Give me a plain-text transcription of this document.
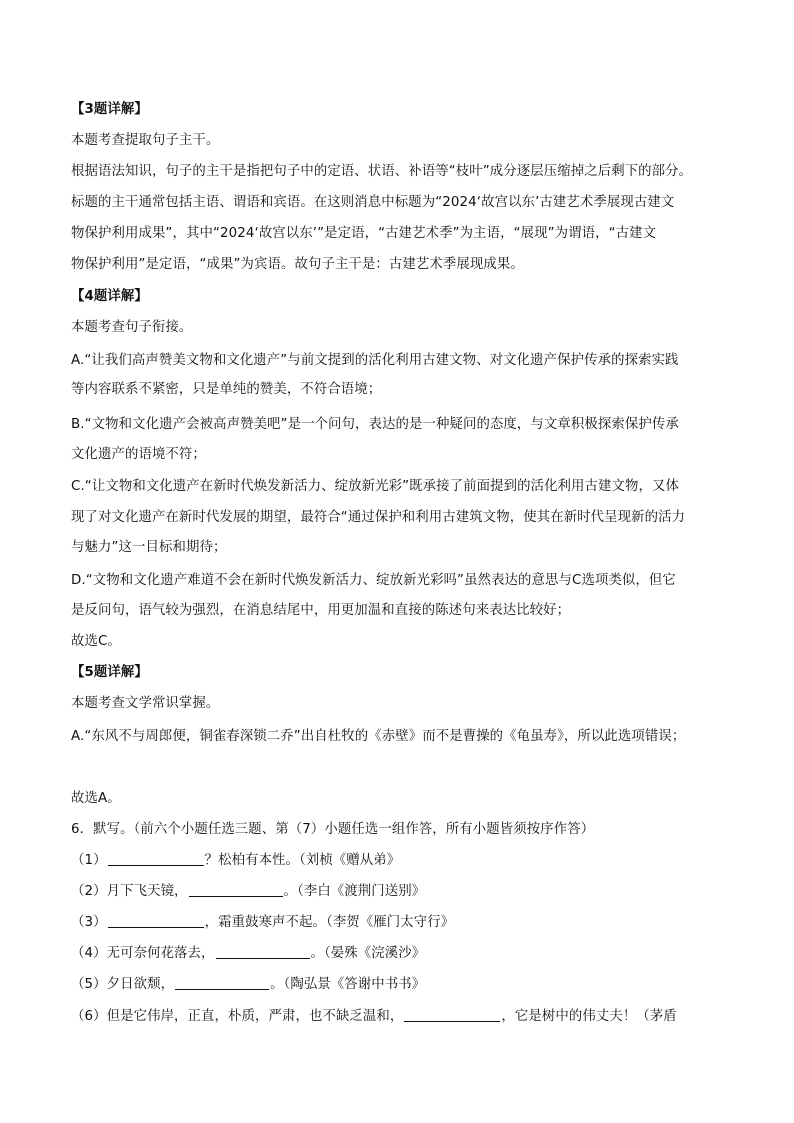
【3题详解】
本题考查提取句子主干。
根据语法知识，句子的主干是指把句子中的定语、状语、补语等“枝叶”成分逐层压缩掉之后剩下的部分。
标题的主干通常包括主语、谓语和宾语。在这则消息中标题为“2024‘故宫以东’古建艺术季展现古建文
物保护利用成果”，其中“2024‘故宫以东’”是定语，“古建艺术季”为主语，“展现”为谓语，“古建文
物保护利用”是定语，“成果”为宾语。故句子主干是：古建艺术季展现成果。
【4题详解】
本题考查句子衔接。
A.“让我们高声赞美文物和文化遗产”与前文提到的活化利用古建文物、对文化遗产保护传承的探索实践
等内容联系不紧密，只是单纯的赞美，不符合语境；
B.“文物和文化遗产会被高声赞美吧”是一个问句，表达的是一种疑问的态度，与文章积极探索保护传承
文化遗产的语境不符；
C.“让文物和文化遗产在新时代焕发新活力、绽放新光彩”既承接了前面提到的活化利用古建文物，又体
现了对文化遗产在新时代发展的期望，最符合“通过保护和利用古建筑文物，使其在新时代呈现新的活力
与魅力”这一目标和期待；
D.“文物和文化遗产难道不会在新时代焕发新活力、绽放新光彩吗”虽然表达的意思与C选项类似，但它
是反问句，语气较为强烈，在消息结尾中，用更加温和直接的陈述句来表达比较好；
故选C。
【5题详解】
本题考查文学常识掌握。
A.“东风不与周郎便，铜雀春深锁二乔”出自杜牧的《赤壁》而不是曹操的《龟虽寿》，所以此选项错误；
故选A。
6．默写。（前六个小题任选三题、第（7）小题任选一组作答，所有小题皆须按序作答）
（1）	？松柏有本性。（刘桢《赠从弟》
（2）月下飞天镜，	。（李白《渡荆门送别》
（3）	，霜重鼓寒声不起。（李贺《雁门太守行》
（4）无可奈何花落去，	。（晏殊《浣溪沙》
（5）夕日欲颓，	。（陶弘景《答谢中书书》
（6）但是它伟岸，正直，朴质，严肃，也不缺乏温和，	，它是树中的伟丈夫！（茅盾
